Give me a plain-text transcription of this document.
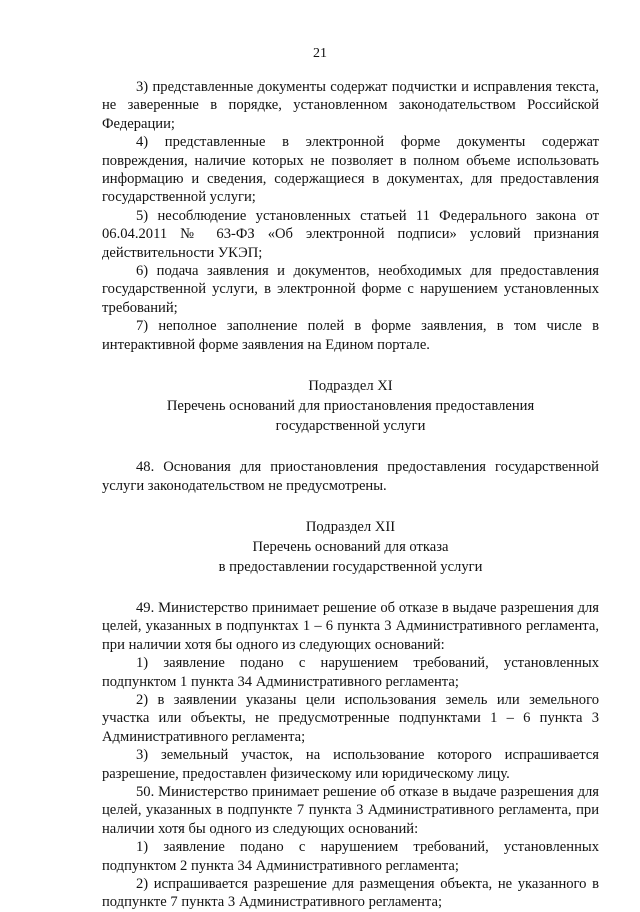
21

3) представленные документы содержат подчистки и исправления текста, не заверенные в порядке, установленном законодательством Российской Федерации;

4) представленные в электронной форме документы содержат повреждения, наличие которых не позволяет в полном объеме использовать информацию и сведения, содержащиеся в документах, для предоставления государственной услуги;

5) несоблюдение установленных статьей 11 Федерального закона от 06.04.2011 № 63-ФЗ «Об электронной подписи» условий признания действительности УКЭП;

6) подача заявления и документов, необходимых для предоставления государственной услуги, в электронной форме с нарушением установленных требований;

7) неполное заполнение полей в форме заявления, в том числе в интерактивной форме заявления на Едином портале.

Подраздел XI

Перечень оснований для приостановления предоставления

государственной услуги

48. Основания для приостановления предоставления государственной услуги законодательством не предусмотрены.

Подраздел XII

Перечень оснований для отказа

в предоставлении государственной услуги

49. Министерство принимает решение об отказе в выдаче разрешения для целей, указанных в подпунктах 1 – 6 пункта 3 Административного регламента, при наличии хотя бы одного из следующих оснований:

1) заявление подано с нарушением требований, установленных подпунктом 1 пункта 34 Административного регламента;

2) в заявлении указаны цели использования земель или земельного участка или объекты, не предусмотренные подпунктами 1 – 6 пункта 3 Административного регламента;

3) земельный участок, на использование которого испрашивается разрешение, предоставлен физическому или юридическому лицу.

50. Министерство принимает решение об отказе в выдаче разрешения для целей, указанных в подпункте 7 пункта 3 Административного регламента, при наличии хотя бы одного из следующих оснований:

1) заявление подано с нарушением требований, установленных подпунктом 2 пункта 34 Административного регламента;

2) испрашивается разрешение для размещения объекта, не указанного в подпункте 7 пункта 3 Административного регламента;
